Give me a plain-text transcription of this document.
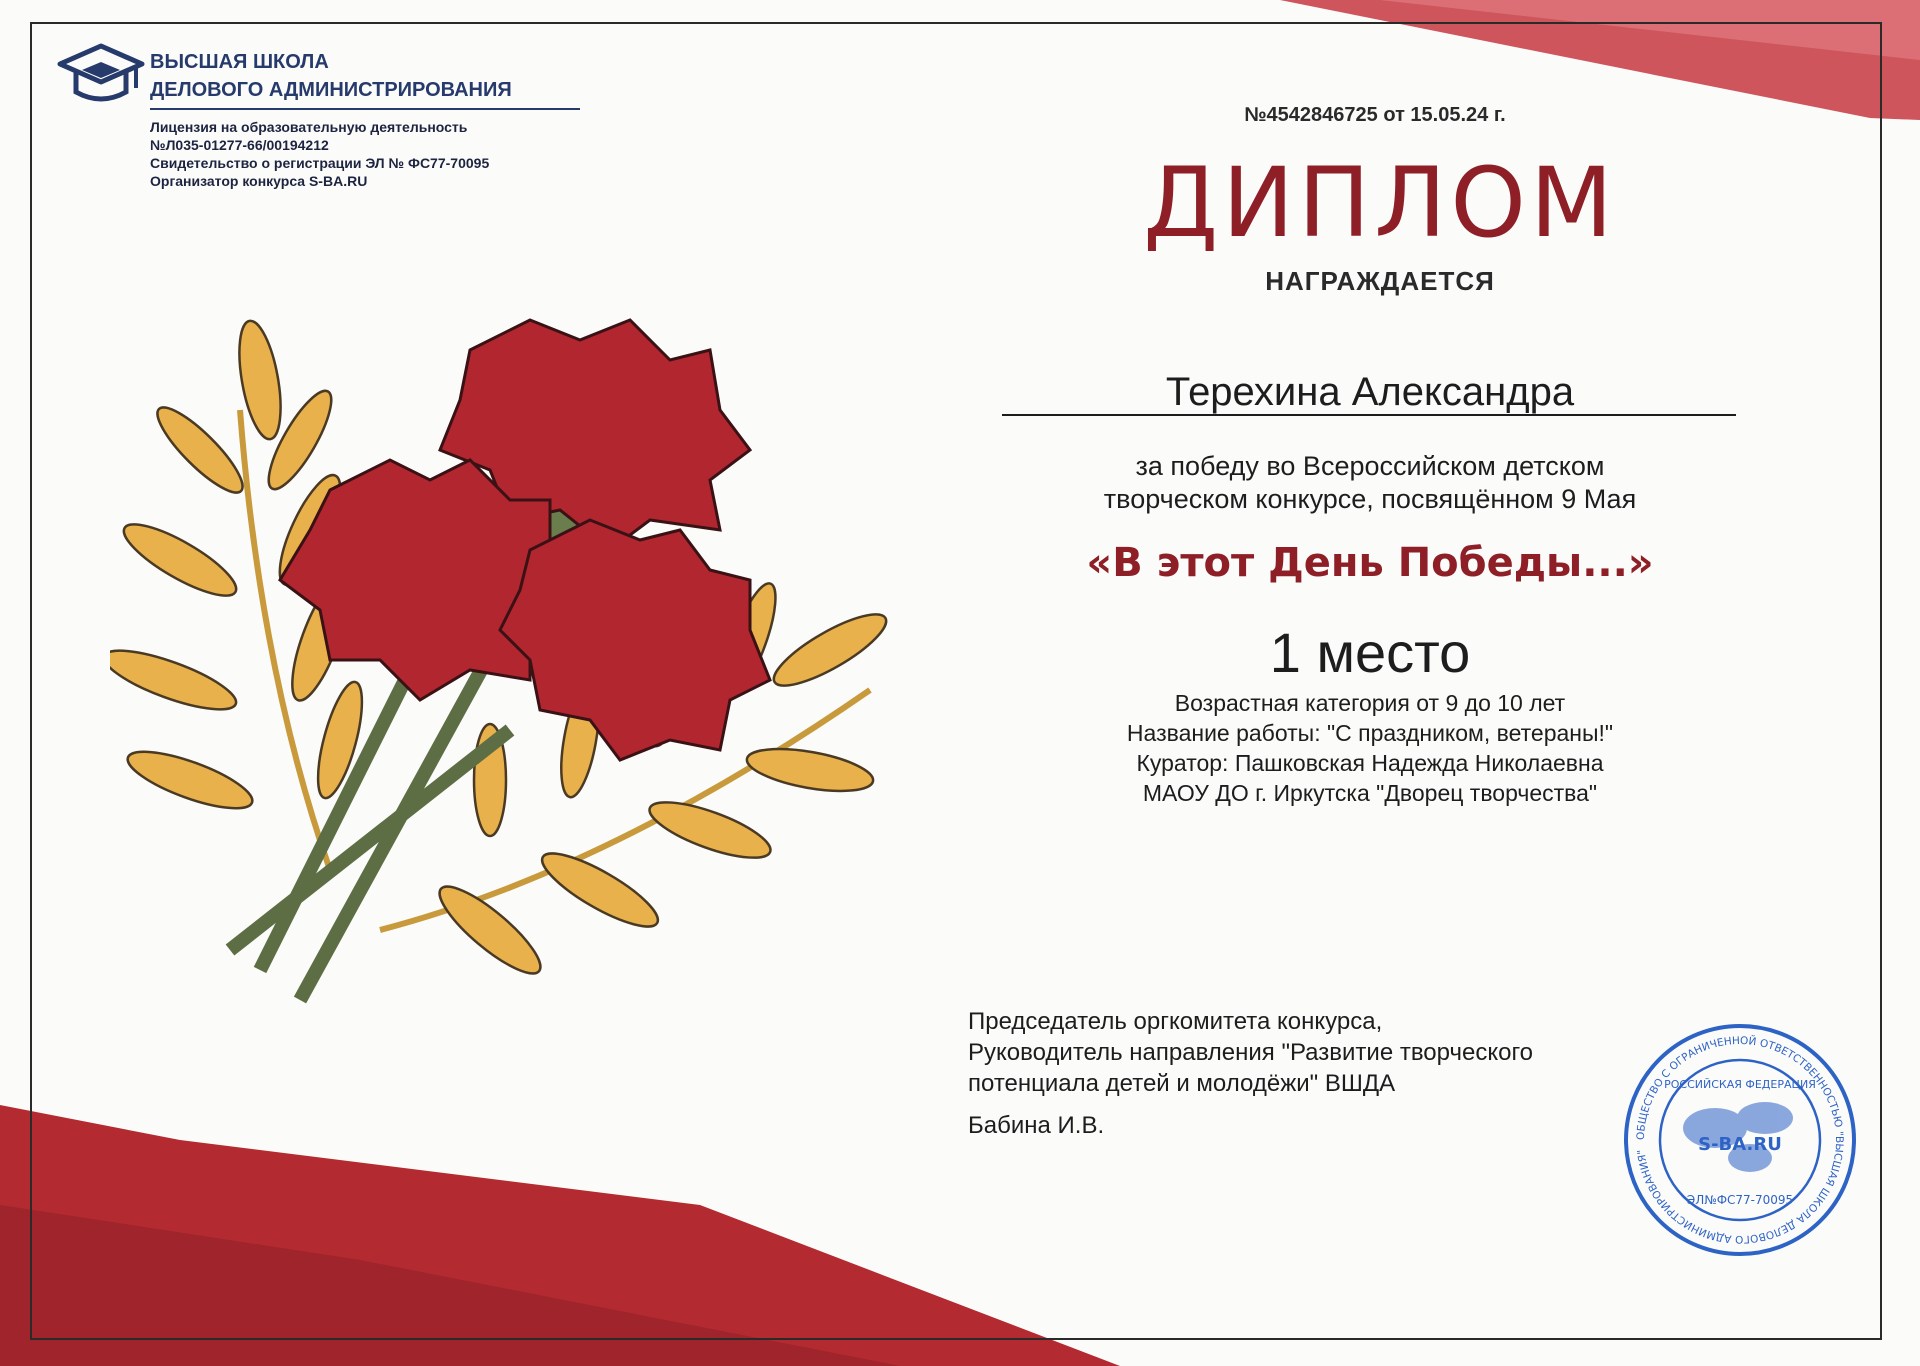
ВЫСШАЯ ШКОЛА
ДЕЛОВОГО АДМИНИСТРИРОВАНИЯ
Лицензия на образовательную деятельность
№Л035-01277-66/00194212
Свидетельство о регистрации ЭЛ № ФС77-70095
Организатор конкурса S-BA.RU
№4542846725 от 15.05.24 г.
ДИПЛОМ
НАГРАЖДАЕТСЯ
Терехина Александра
за победу во Всероссийском детском
творческом конкурсе, посвящённом 9 Мая
«В этот День Победы...»
1 место
Возрастная категория от 9 до 10 лет
Название работы: "С праздником, ветераны!"
Куратор: Пашковская Надежда Николаевна
МАОУ ДО г. Иркутска "Дворец творчества"
Председатель оргкомитета конкурса,
Руководитель направления "Развитие творческого
потенциала детей и молодёжи" ВШДА
Бабина И.В.	ОБЩЕСТВО С ОГРАНИЧЕННОЙ ОТВЕТСТВЕННОСТЬЮ "ВЫСШАЯ ШКОЛА ДЕЛОВОГО АДМИНИСТРИРОВАНИЯ"
РОССИЙСКАЯ ФЕДЕРАЦИЯ
S-BA.RU
ЭЛ№ФС77-70095
